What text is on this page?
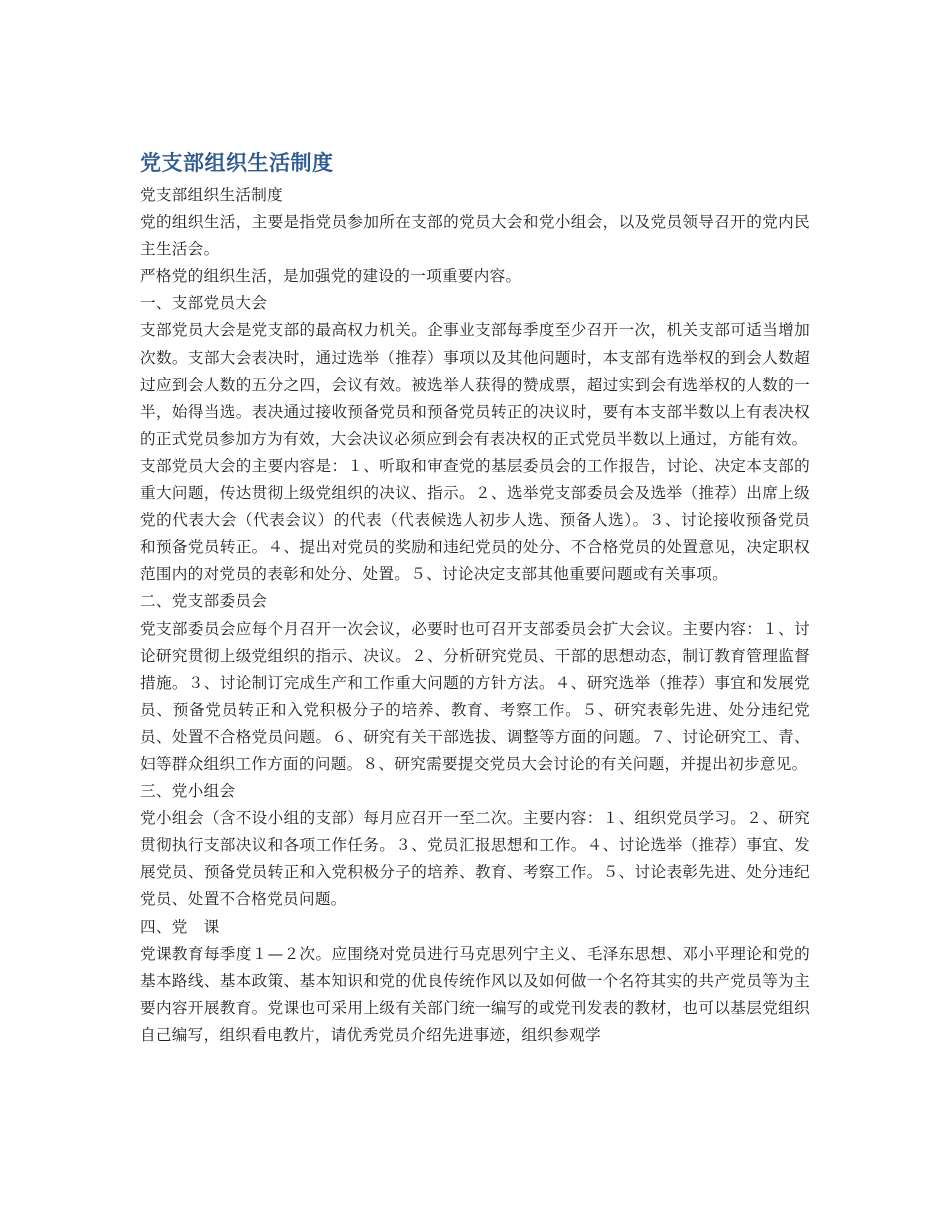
党支部组织生活制度

党支部组织生活制度

党的组织生活，主要是指党员参加所在支部的党员大会和党小组会，以及党员领导召开的党内民主生活会。

严格党的组织生活，是加强党的建设的一项重要内容。

一、支部党员大会

支部党员大会是党支部的最高权力机关。企事业支部每季度至少召开一次，机关支部可适当增加次数。支部大会表决时，通过选举（推荐）事项以及其他问题时，本支部有选举权的到会人数超过应到会人数的五分之四，会议有效。被选举人获得的赞成票，超过实到会有选举权的人数的一半，始得当选。表决通过接收预备党员和预备党员转正的决议时，要有本支部半数以上有表决权的正式党员参加方为有效，大会决议必须应到会有表决权的正式党员半数以上通过，方能有效。

支部党员大会的主要内容是：１、听取和审查党的基层委员会的工作报告，讨论、决定本支部的重大问题，传达贯彻上级党组织的决议、指示。２、选举党支部委员会及选举（推荐）出席上级党的代表大会（代表会议）的代表（代表候选人初步人选、预备人选）。３、讨论接收预备党员和预备党员转正。４、提出对党员的奖励和违纪党员的处分、不合格党员的处置意见，决定职权范围内的对党员的表彰和处分、处置。５、讨论决定支部其他重要问题或有关事项。

二、党支部委员会

党支部委员会应每个月召开一次会议，必要时也可召开支部委员会扩大会议。主要内容：１、讨论研究贯彻上级党组织的指示、决议。２、分析研究党员、干部的思想动态，制订教育管理监督措施。３、讨论制订完成生产和工作重大问题的方针方法。４、研究选举（推荐）事宜和发展党员、预备党员转正和入党积极分子的培养、教育、考察工作。５、研究表彰先进、处分违纪党员、处置不合格党员问题。６、研究有关干部选拔、调整等方面的问题。７、讨论研究工、青、妇等群众组织工作方面的问题。８、研究需要提交党员大会讨论的有关问题，并提出初步意见。

三、党小组会

党小组会（含不设小组的支部）每月应召开一至二次。主要内容：１、组织党员学习。２、研究贯彻执行支部决议和各项工作任务。３、党员汇报思想和工作。４、讨论选举（推荐）事宜、发展党员、预备党员转正和入党积极分子的培养、教育、考察工作。５、讨论表彰先进、处分违纪党员、处置不合格党员问题。

四、党　课

党课教育每季度１—２次。应围绕对党员进行马克思列宁主义、毛泽东思想、邓小平理论和党的基本路线、基本政策、基本知识和党的优良传统作风以及如何做一个名符其实的共产党员等为主要内容开展教育。党课也可采用上级有关部门统一编写的或党刊发表的教材，也可以基层党组织自己编写，组织看电教片，请优秀党员介绍先进事迹，组织参观学
